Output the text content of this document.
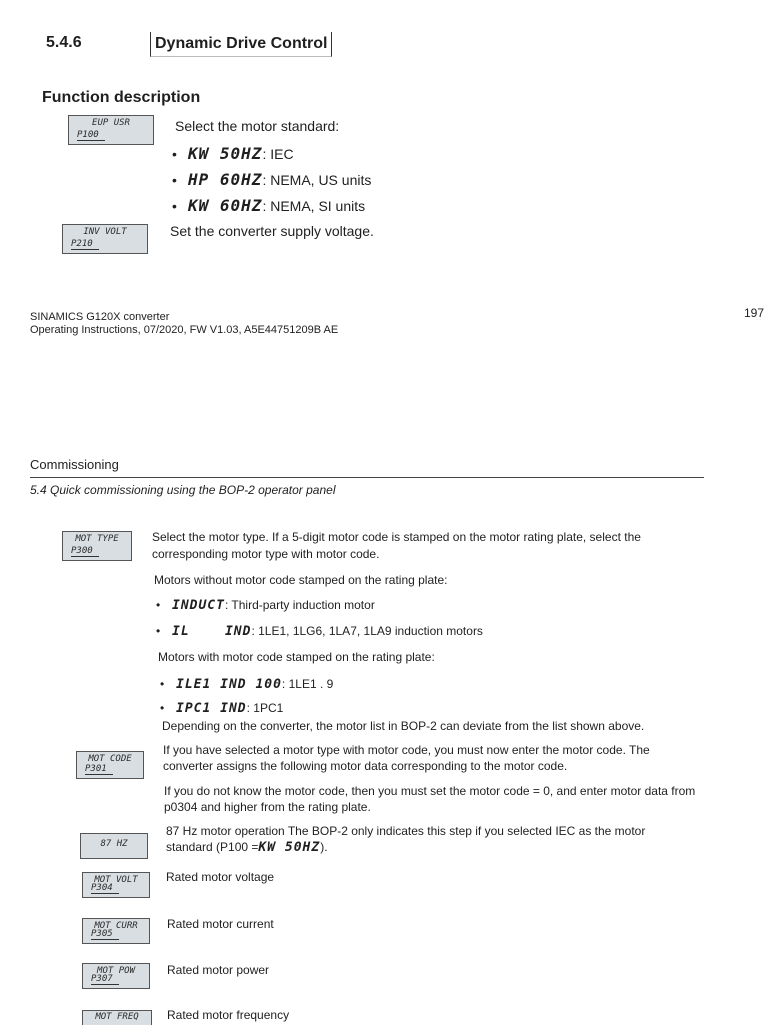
5.4.6	Dynamic Drive Control
Function description
EUP USR
P100
Select the motor standard:
• KW 50HZ: IEC
• HP 60HZ: NEMA, US units
• KW 60HZ: NEMA, SI units
INV VOLT
P210
Set the converter supply voltage.
SINAMICS G120X converter
Operating Instructions, 07/2020, FW V1.03, A5E44751209B AE
197
Commissioning
5.4 Quick commissioning using the BOP-2 operator panel
MOT TYPE
P300
Select the motor type. If a 5-digit motor code is stamped on the motor rating plate, select the corresponding motor type with motor code.
Motors without motor code stamped on the rating plate:
• INDUCT: Third-party induction motor
• IL    IND: 1LE1, 1LG6, 1LA7, 1LA9 induction motors
Motors with motor code stamped on the rating plate:
• ILE1 IND 100: 1LE1 . 9
• IPC1 IND: 1PC1
Depending on the converter, the motor list in BOP-2 can deviate from the list shown above.
MOT CODE
P301
If you have selected a motor type with motor code, you must now enter the motor code. The converter assigns the following motor data corresponding to the motor code.
If you do not know the motor code, then you must set the motor code = 0, and enter motor data from p0304 and higher from the rating plate.
87 HZ
87 Hz motor operation The BOP-2 only indicates this step if you selected IEC as the motor standard (P100 =KW 50HZ).
MOT VOLT
P304
Rated motor voltage
MOT CURR
P305
Rated motor current
MOT POW
P307
Rated motor power
MOT FREQ	Rated motor frequency
